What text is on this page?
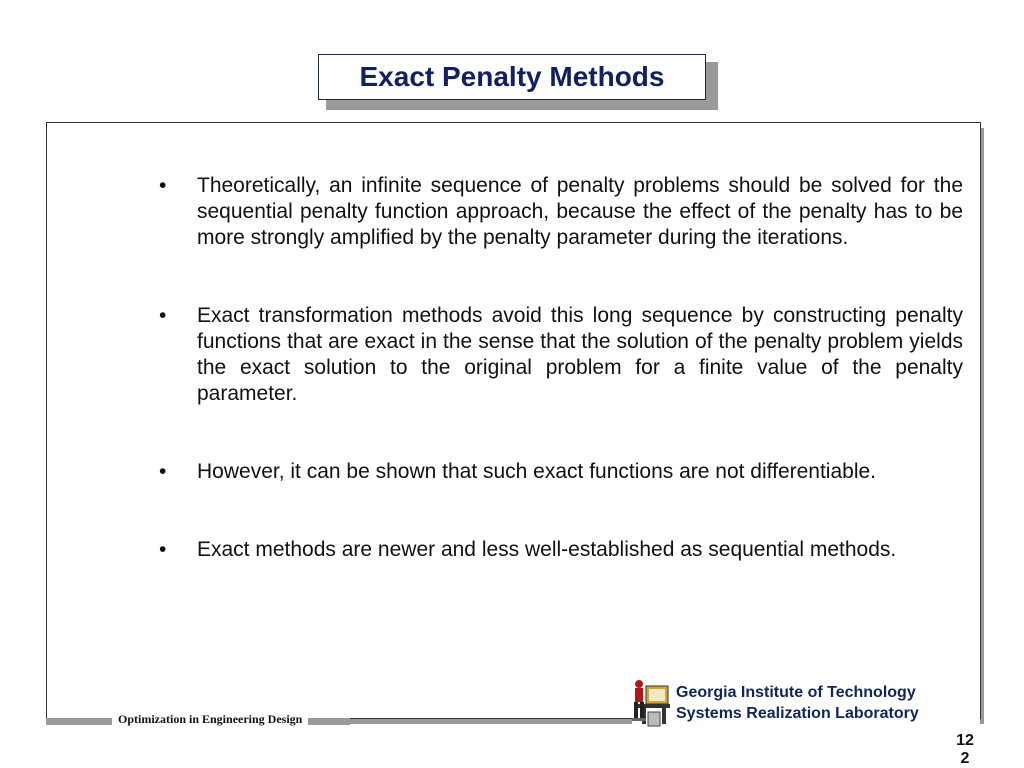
Exact Penalty Methods
•	Theoretically, an infinite sequence of penalty problems should be solved for the sequential penalty function approach, because the effect of the penalty has to be more strongly amplified by the penalty parameter during the iterations.
•	Exact transformation methods avoid this long sequence by constructing penalty functions that are exact in the sense that the solution of the penalty problem yields the exact solution to the original problem for a finite value of the penalty parameter.
•	However, it can be shown that such exact functions are not differentiable.
•	Exact methods are newer and less well-established as sequential methods.
Optimization in Engineering Design
Georgia Institute of Technology
Systems Realization Laboratory
12
2
